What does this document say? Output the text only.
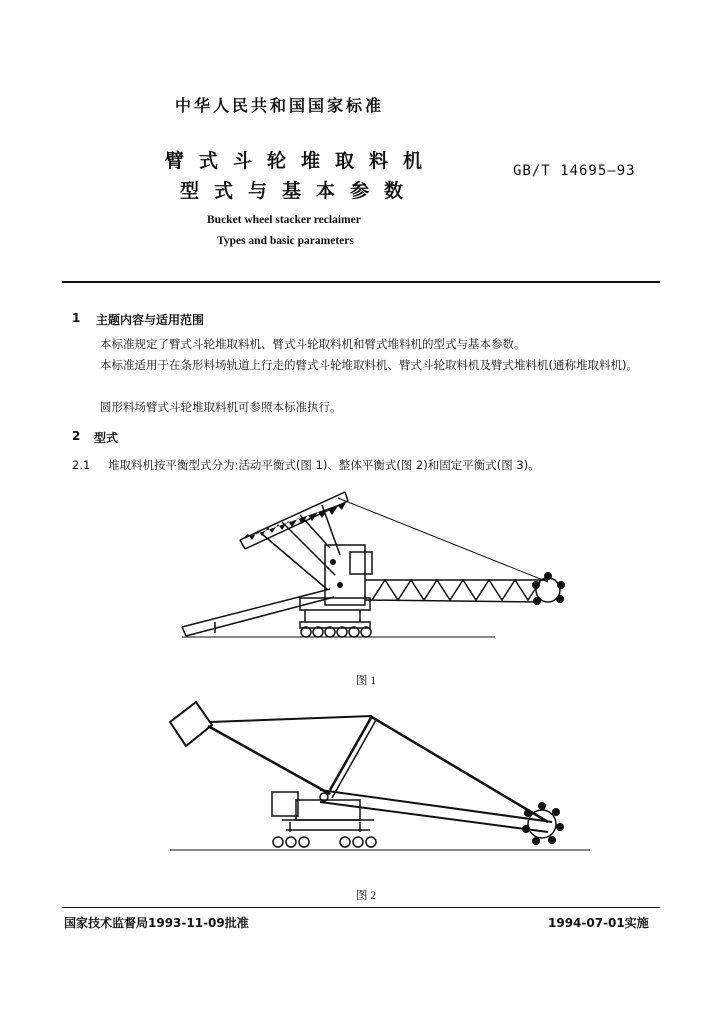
中华人民共和国国家标准
臂式斗轮堆取料机
型式与基本参数
GB/T 14695—93
Bucket wheel stacker reclaimer
Types and basic parameters
1 主题内容与适用范围
本标准规定了臂式斗轮堆取料机、臂式斗轮取料机和臂式堆料机的型式与基本参数。
本标准适用于在条形料场轨道上行走的臂式斗轮堆取料机、臂式斗轮取料机及臂式堆料机(通称堆取料机)。
圆形料场臂式斗轮堆取料机可参照本标准执行。
2 型式
2.1 堆取料机按平衡型式分为:活动平衡式(图 1)、整体平衡式(图 2)和固定平衡式(图 3)。
图 1
图 2
国家技术监督局1993-11-09批准	1994-07-01实施
